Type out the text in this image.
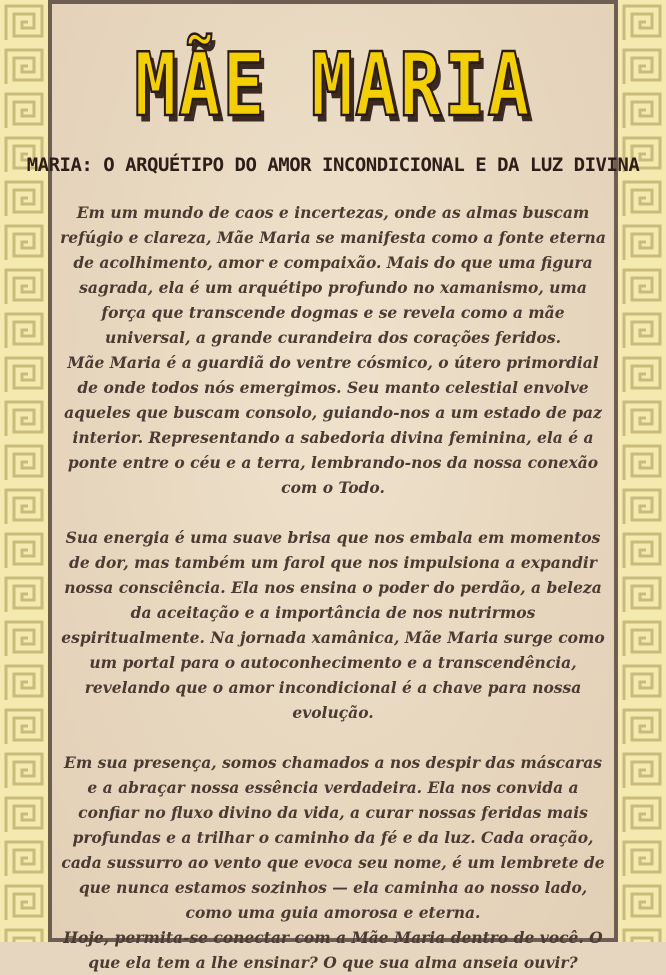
MÃE MARIA
MARIA: O ARQUÉTIPO DO AMOR INCONDICIONAL E DA LUZ DIVINA

Em um mundo de caos e incertezas, onde as almas buscam refúgio e clareza, Mãe Maria se manifesta como a fonte eterna de acolhimento, amor e compaixão. Mais do que uma figura sagrada, ela é um arquétipo profundo no xamanismo, uma força que transcende dogmas e se revela como a mãe universal, a grande curandeira dos corações feridos.

Mãe Maria é a guardiã do ventre cósmico, o útero primordial de onde todos nós emergimos. Seu manto celestial envolve aqueles que buscam consolo, guiando-nos a um estado de paz interior. Representando a sabedoria divina feminina, ela é a ponte entre o céu e a terra, lembrando-nos da nossa conexão com o Todo.

Sua energia é uma suave brisa que nos embala em momentos de dor, mas também um farol que nos impulsiona a expandir nossa consciência. Ela nos ensina o poder do perdão, a beleza da aceitação e a importância de nos nutrirmos espiritualmente. Na jornada xamânica, Mãe Maria surge como um portal para o autoconhecimento e a transcendência, revelando que o amor incondicional é a chave para nossa evolução.

Em sua presença, somos chamados a nos despir das máscaras e a abraçar nossa essência verdadeira. Ela nos convida a confiar no fluxo divino da vida, a curar nossas feridas mais profundas e a trilhar o caminho da fé e da luz. Cada oração, cada sussurro ao vento que evoca seu nome, é um lembrete de que nunca estamos sozinhos — ela caminha ao nosso lado, como uma guia amorosa e eterna.

Hoje, permita-se conectar com a Mãe Maria dentro de você. O que ela tem a lhe ensinar? O que sua alma anseia ouvir?
